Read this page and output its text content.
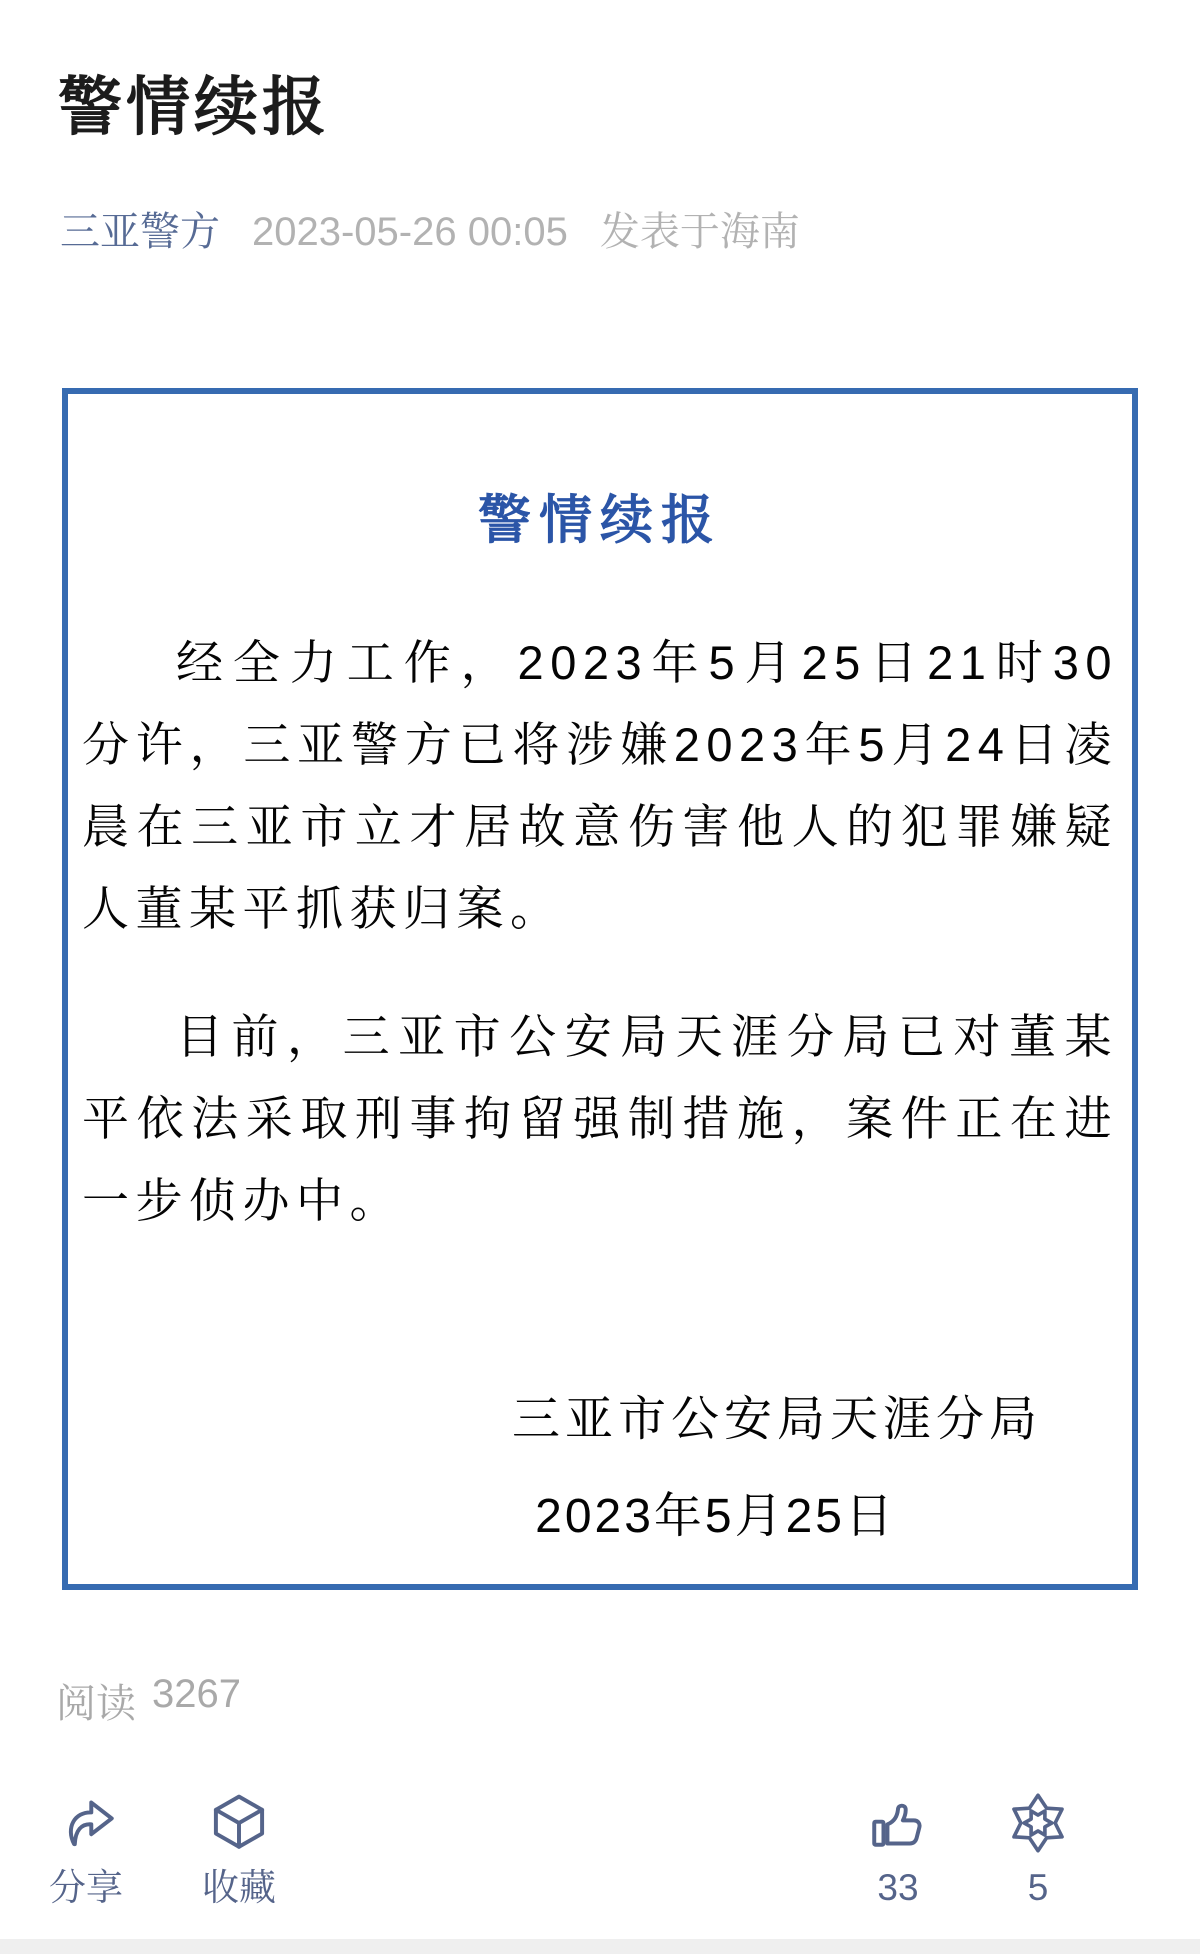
警情续报
三亚警方 2023-05-26 00:05 发表于海南
警情续报

经全力工作，2023年5月25日21时30分许，三亚警方已将涉嫌2023年5月24日凌晨在三亚市立才居故意伤害他人的犯罪嫌疑人董某平抓获归案。

目前，三亚市公安局天涯分局已对董某平依法采取刑事拘留强制措施，案件正在进一步侦办中。

三亚市公安局天涯分局
2023年5月25日
阅读 3267
分享 收藏	33	5
